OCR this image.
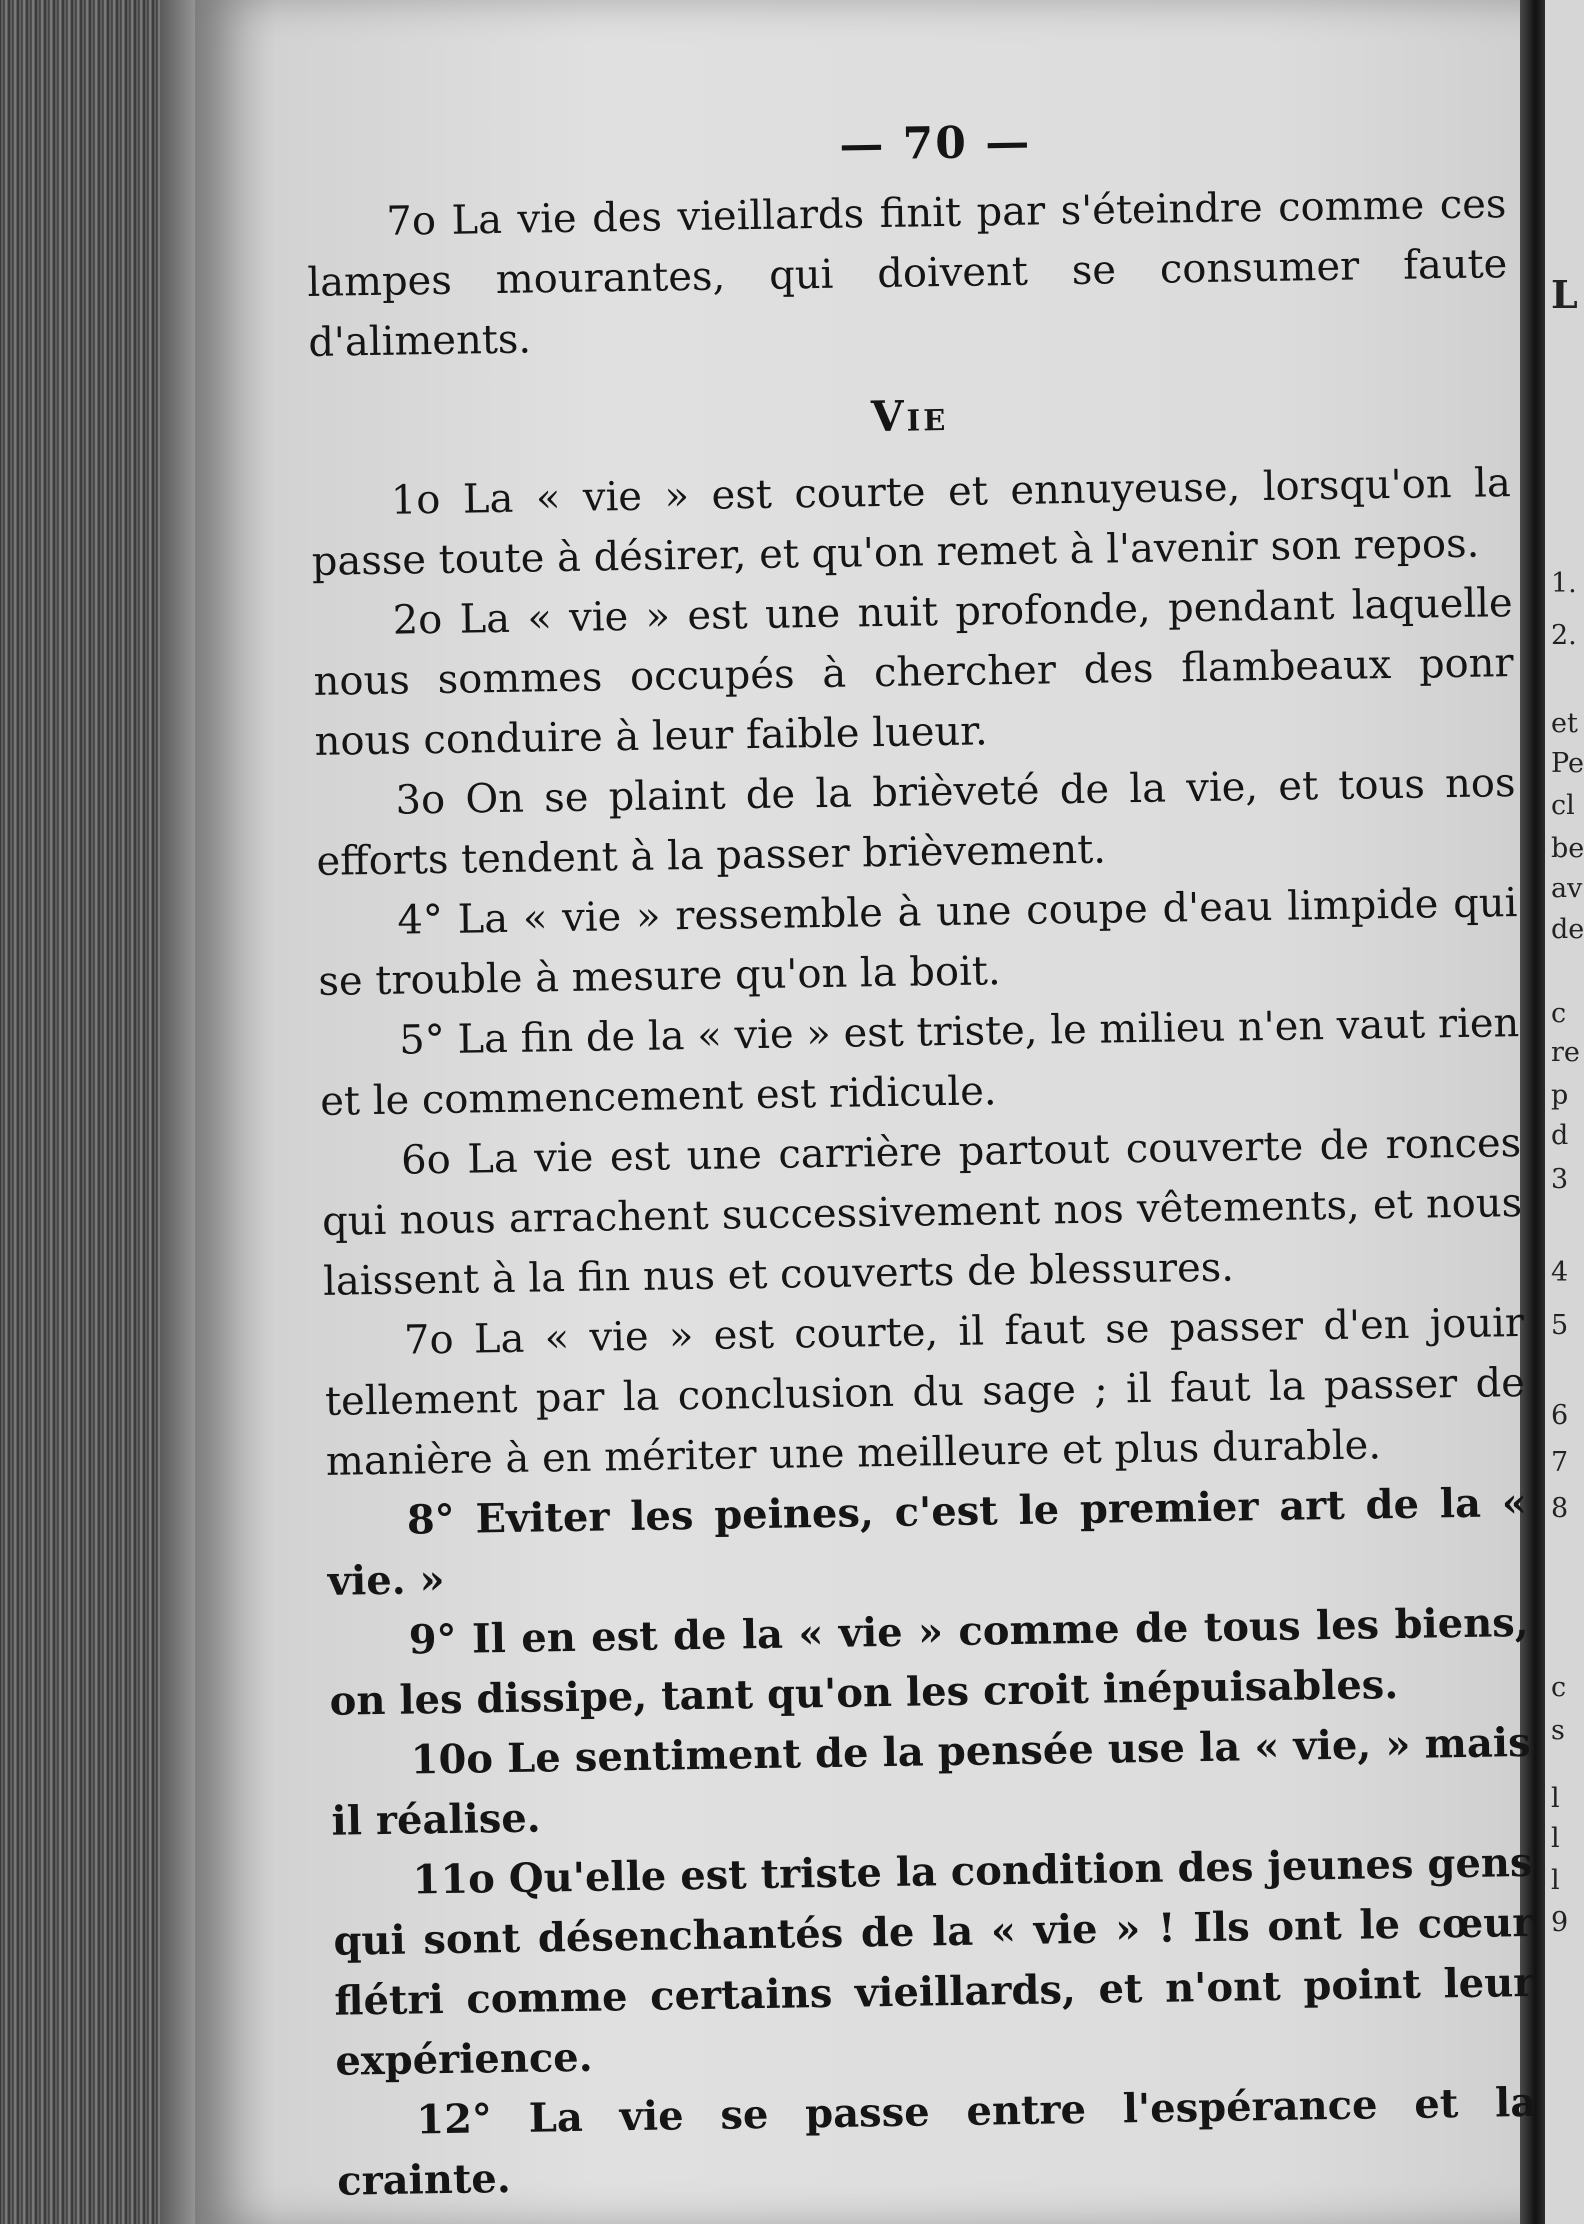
L
1.
2.
et
Pe
cl
be
av
de
c
re
p
d
3
4
5
6
7
8
c
s
l
l
l
9
— 70 —

7o La vie des vieillards finit par s'éteindre comme ces lampes mourantes, qui doivent se consumer faute d'aliments.

Vie
1o La « vie » est courte et ennuyeuse, lorsqu'on la passe toute à désirer, et qu'on remet à l'avenir son repos.
2o La « vie » est une nuit profonde, pendant laquelle nous sommes occupés à chercher des flambeaux ponr nous conduire à leur faible lueur.
3o On se plaint de la brièveté de la vie, et tous nos efforts tendent à la passer brièvement.
4° La « vie » ressemble à une coupe d'eau limpide qui se trouble à mesure qu'on la boit.
5° La fin de la « vie » est triste, le milieu n'en vaut rien et le commencement est ridicule.
6o La vie est une carrière partout couverte de ronces qui nous arrachent successivement nos vêtements, et nous laissent à la fin nus et couverts de blessures.
7o La « vie » est courte, il faut se passer d'en jouir tellement par la conclusion du sage ; il faut la passer de manière à en mériter une meilleure et plus durable.
8° Eviter les peines, c'est le premier art de la « vie. »
9° Il en est de la « vie » comme de tous les biens, on les dissipe, tant qu'on les croit inépuisables.
10o Le sentiment de la pensée use la « vie, » mais il réalise.
11o Qu'elle est triste la condition des jeunes gens qui sont désenchantés de la « vie » ! Ils ont le cœur flétri comme certains vieillards, et n'ont point leur expérience.
12° La vie se passe entre l'espérance et la crainte.
